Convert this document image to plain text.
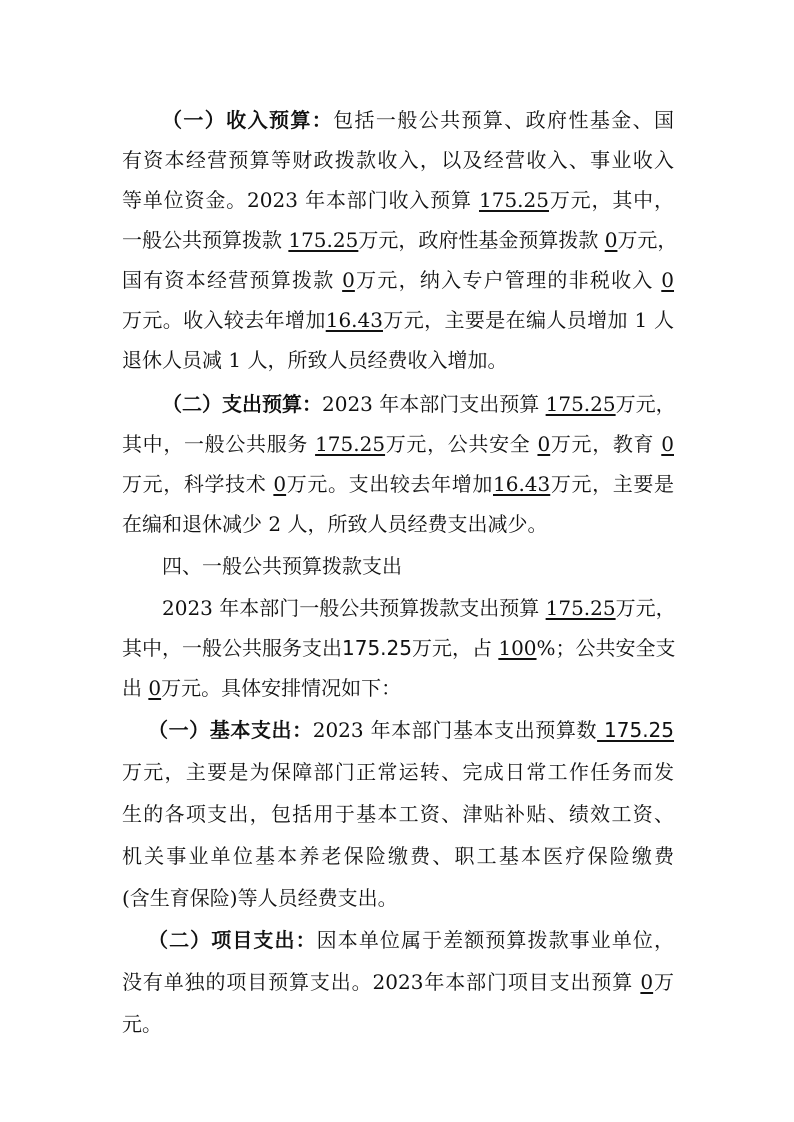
（一）收入预算：包括一般公共预算、政府性基金、国
有资本经营预算等财政拨款收入，以及经营收入、事业收入
等单位资金。2023 年本部门收入预算 175.25万元，其中，
一般公共预算拨款 175.25万元，政府性基金预算拨款 0万元，
国有资本经营预算拨款 0万元，纳入专户管理的非税收入 0
万元。收入较去年增加16.43万元，主要是在编人员增加 1 人
退休人员减 1 人，所致人员经费收入增加。
（二）支出预算：2023 年本部门支出预算 175.25万元，
其中，一般公共服务 175.25万元，公共安全 0万元，教育 0
万元，科学技术 0万元。支出较去年增加16.43万元，主要是
在编和退休减少 2 人，所致人员经费支出减少。
四、一般公共预算拨款支出
2023 年本部门一般公共预算拨款支出预算 175.25万元，
其中，一般公共服务支出175.25万元，占 100%；公共安全支
出 0万元。具体安排情况如下：
（一）基本支出：2023 年本部门基本支出预算数 175.25
万元，主要是为保障部门正常运转、完成日常工作任务而发
生的各项支出，包括用于基本工资、津贴补贴、绩效工资、
机关事业单位基本养老保险缴费、职工基本医疗保险缴费
(含生育保险)等人员经费支出。
（二）项目支出：因本单位属于差额预算拨款事业单位，
没有单独的项目预算支出。2023年本部门项目支出预算 0万
元。
